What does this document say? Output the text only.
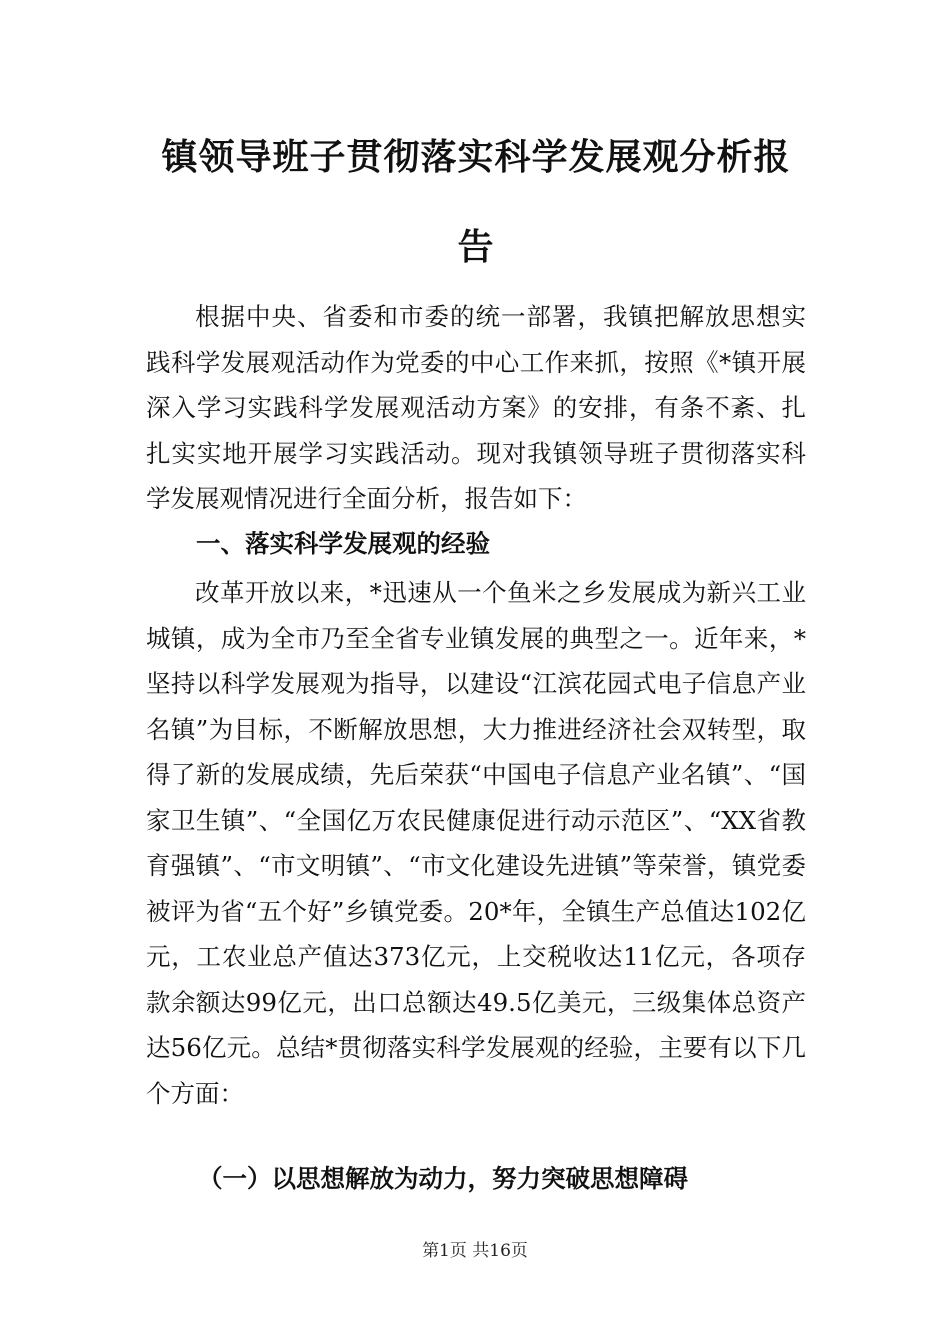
镇领导班子贯彻落实科学发展观分析报
告

根据中央、省委和市委的统一部署，我镇把解放思想实践科学发展观活动作为党委的中心工作来抓，按照《*镇开展深入学习实践科学发展观活动方案》的安排，有条不紊、扎扎实实地开展学习实践活动。现对我镇领导班子贯彻落实科学发展观情况进行全面分析，报告如下：

一、落实科学发展观的经验

改革开放以来，*迅速从一个鱼米之乡发展成为新兴工业城镇，成为全市乃至全省专业镇发展的典型之一。近年来，*坚持以科学发展观为指导，以建设“江滨花园式电子信息产业名镇”为目标，不断解放思想，大力推进经济社会双转型，取得了新的发展成绩，先后荣获“中国电子信息产业名镇”、“国家卫生镇”、“全国亿万农民健康促进行动示范区”、“XX省教育强镇”、“市文明镇”、“市文化建设先进镇”等荣誉，镇党委被评为省“五个好”乡镇党委。20*年，全镇生产总值达102亿元，工农业总产值达373亿元，上交税收达11亿元，各项存款余额达99亿元，出口总额达49.5亿美元，三级集体总资产达56亿元。总结*贯彻落实科学发展观的经验，主要有以下几个方面：

（一）以思想解放为动力，努力突破思想障碍
第1页 共16页
